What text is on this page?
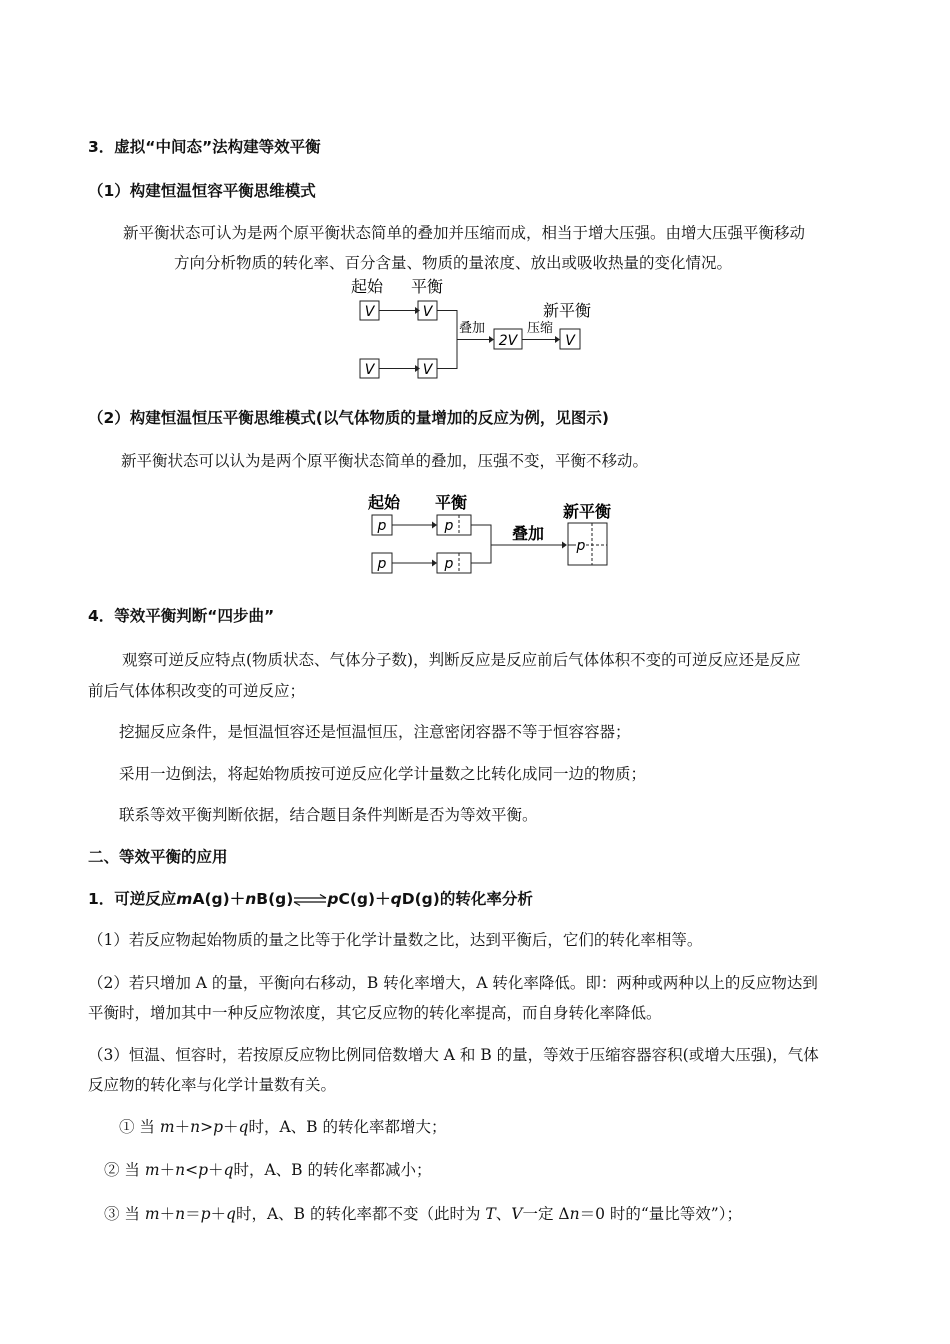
3．虚拟“中间态”法构建等效平衡
（1）构建恒温恒容平衡思维模式
新平衡状态可认为是两个原平衡状态简单的叠加并压缩而成，相当于增大压强。由增大压强平衡移动
方向分析物质的转化率、百分含量、物质的量浓度、放出或吸收热量的变化情况。
起始 平衡
新平衡
V	V
V	V
叠加
2V
压缩
V
（2）构建恒温恒压平衡思维模式(以气体物质的量增加的反应为例，见图示)
新平衡状态可以认为是两个原平衡状态简单的叠加，压强不变，平衡不移动。
起始 平衡	新平衡
p	p
p	p
叠加
p
4．等效平衡判断“四步曲”
观察可逆反应特点(物质状态、气体分子数)，判断反应是反应前后气体体积不变的可逆反应还是反应
前后气体体积改变的可逆反应；
挖掘反应条件，是恒温恒容还是恒温恒压，注意密闭容器不等于恒容容器；
采用一边倒法，将起始物质按可逆反应化学计量数之比转化成同一边的物质；
联系等效平衡判断依据，结合题目条件判断是否为等效平衡。
二、等效平衡的应用
1．可逆反应mA(g)＋nB(g)⇌pC(g)＋qD(g)的转化率分析
（1）若反应物起始物质的量之比等于化学计量数之比，达到平衡后，它们的转化率相等。
（2）若只增加 A 的量，平衡向右移动，B 转化率增大，A 转化率降低。即：两种或两种以上的反应物达到
平衡时，增加其中一种反应物浓度，其它反应物的转化率提高，而自身转化率降低。
（3）恒温、恒容时，若按原反应物比例同倍数增大 A 和 B 的量，等效于压缩容器容积(或增大压强)，气体
反应物的转化率与化学计量数有关。
① 当 m＋n>p＋q时，A、B 的转化率都增大；
② 当 m＋n<p＋q时，A、B 的转化率都减小；
③ 当 m＋n＝p＋q时，A、B 的转化率都不变（此时为 T、V一定 Δn＝0 时的“量比等效”）；
